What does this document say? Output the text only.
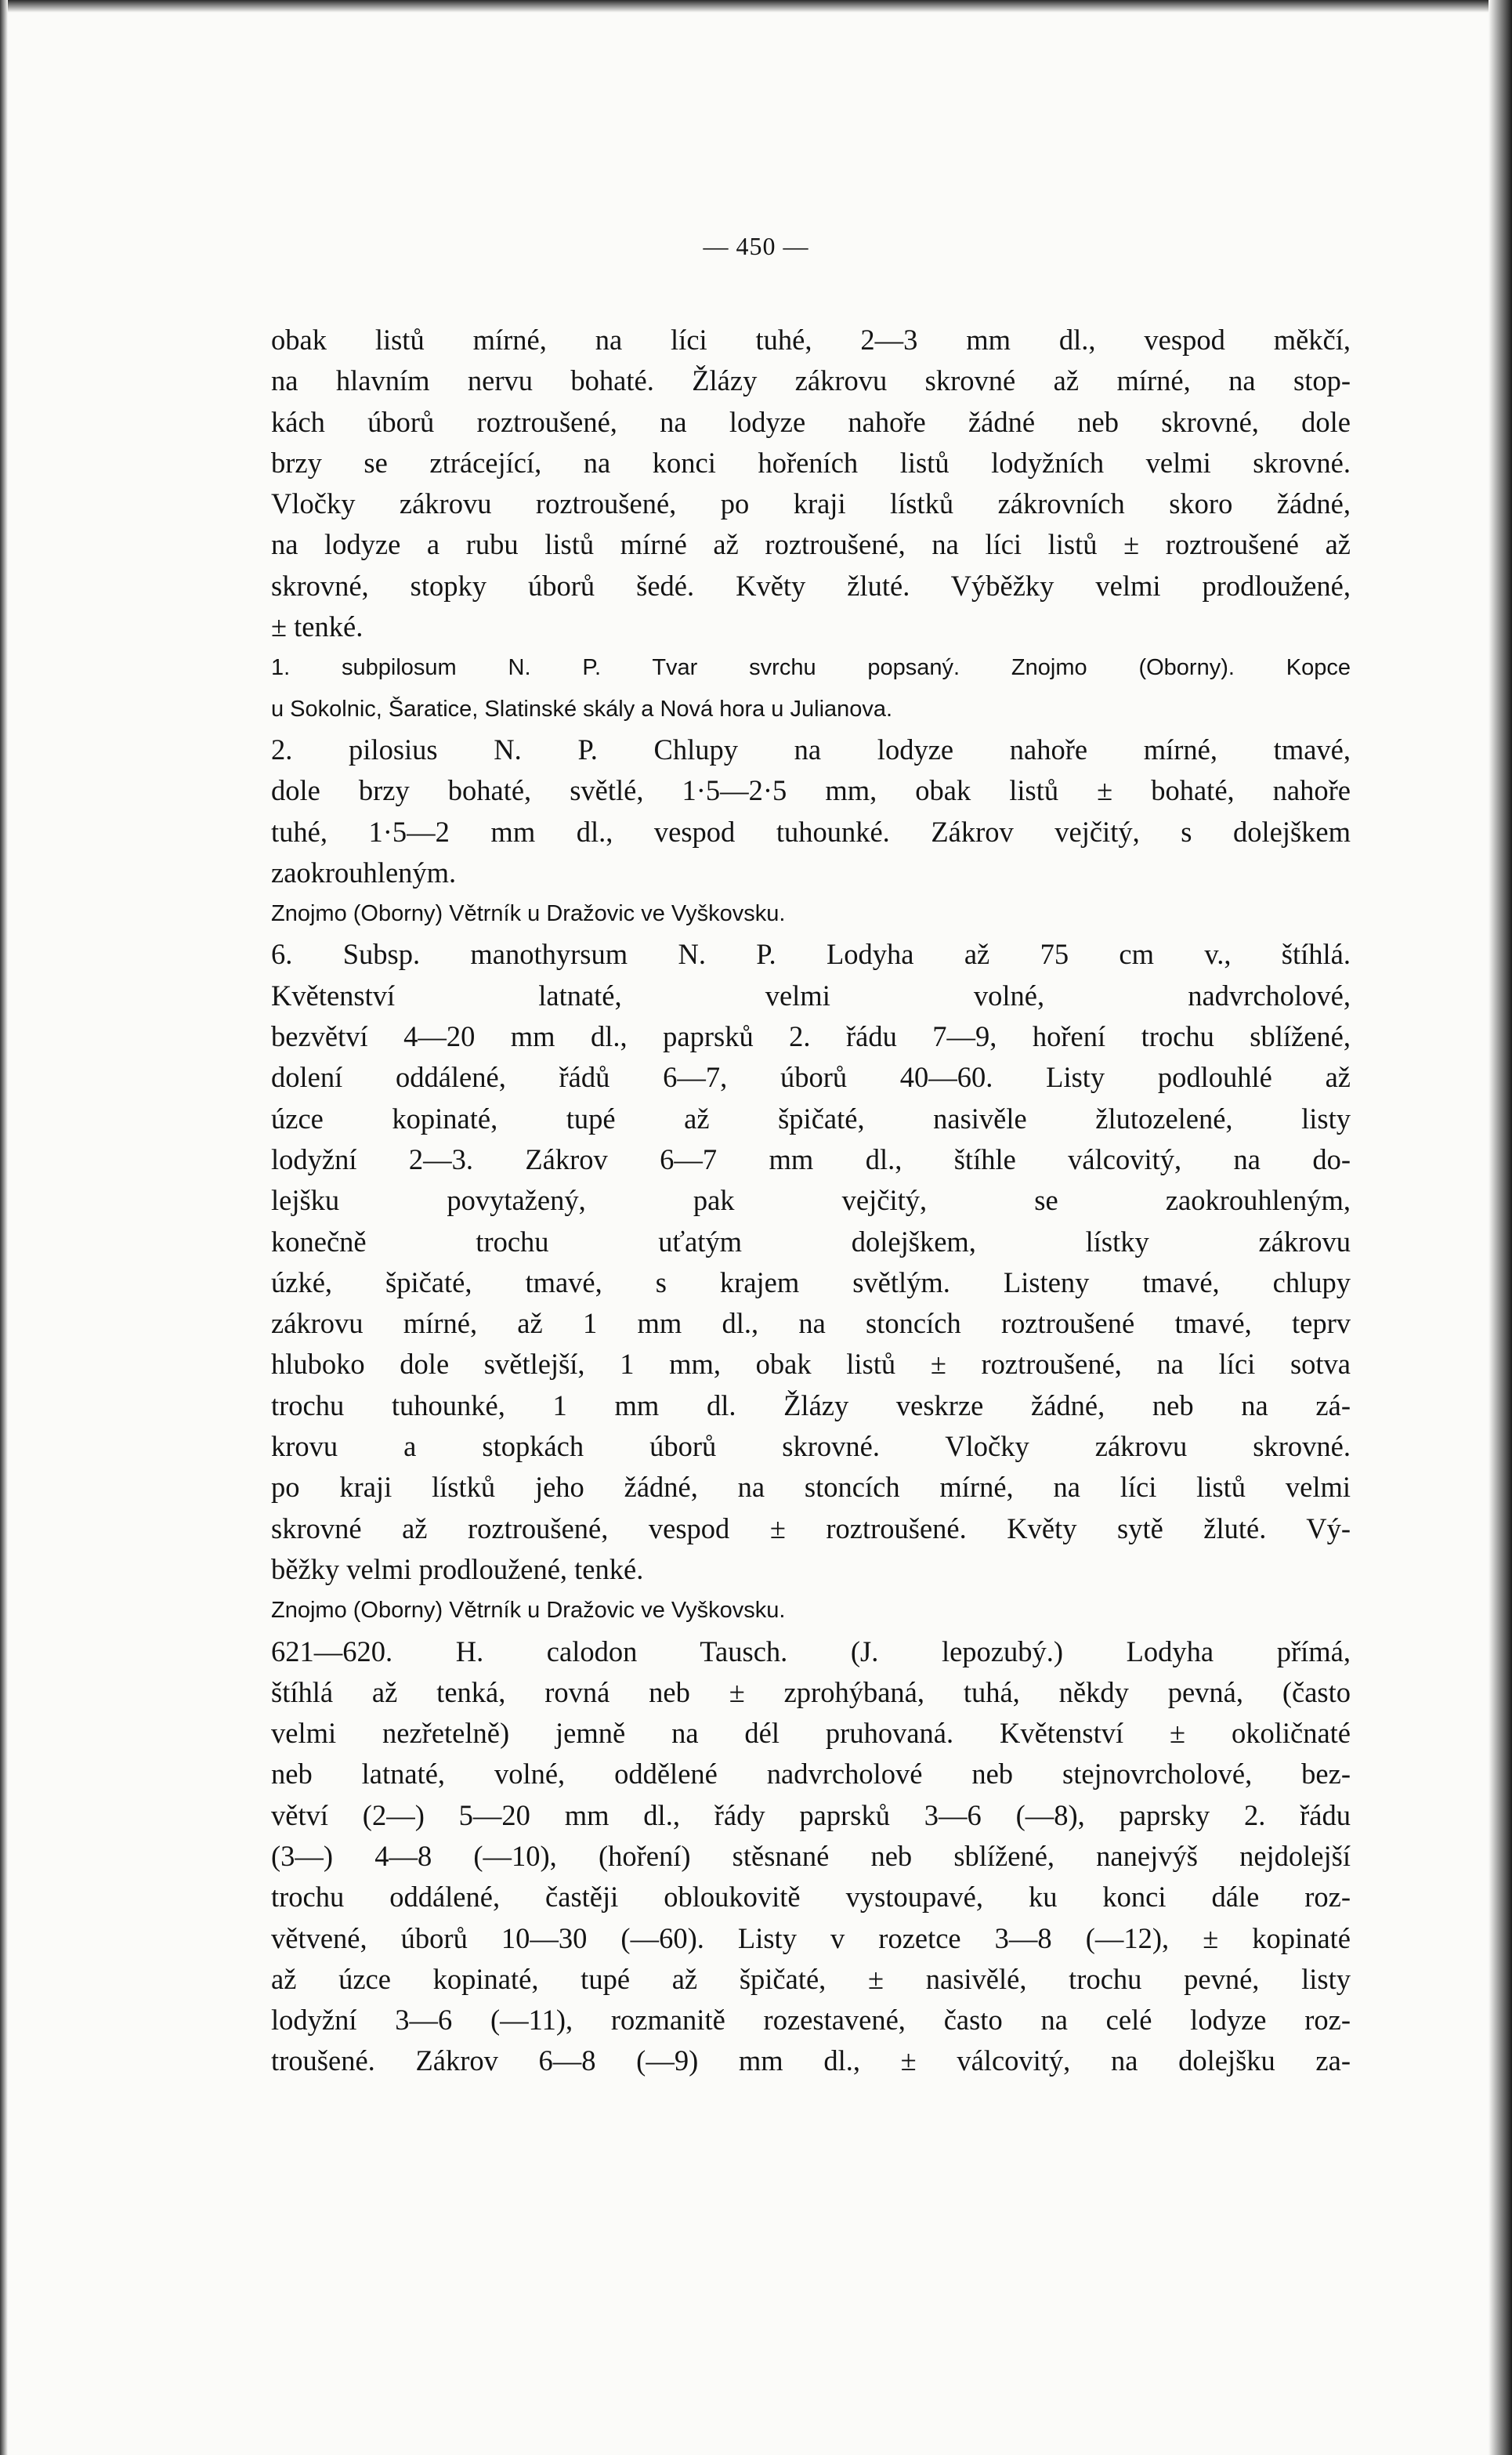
— 450 —
obak listů mírné, na líci tuhé, 2—3 mm dl., vespod měkčí,
na hlavním nervu bohaté. Žlázy zákrovu skrovné až mírné, na stop-
kách úborů roztroušené, na lodyze nahoře žádné neb skrovné, dole
brzy se ztrácející, na konci hořeních listů lodyžních velmi skrovné.
Vločky zákrovu roztroušené, po kraji lístků zákrovních skoro žádné,
na lodyze a rubu listů mírné až roztroušené, na líci listů ± roztroušené až
skrovné, stopky úborů šedé. Květy žluté. Výběžky velmi prodloužené,
± tenké.
1. subpilosum N. P. Tvar svrchu popsaný. Znojmo (Oborny). Kopce
u Sokolnic, Šaratice, Slatinské skály a Nová hora u Julianova.
2. pilosius N. P. Chlupy na lodyze nahoře mírné, tmavé,
dole brzy bohaté, světlé, 1·5—2·5 mm, obak listů ± bohaté, nahoře
tuhé, 1·5—2 mm dl., vespod tuhounké. Zákrov vejčitý, s dolejškem
zaokrouhleným.
Znojmo (Oborny) Větrník u Dražovic ve Vyškovsku.
6. Subsp. manothyrsum N. P. Lodyha až 75 cm v., štíhlá.
Květenství latnaté, velmi volné, nadvrcholové,
bezvětví 4—20 mm dl., paprsků 2. řádu 7—9, hoření trochu sblížené,
dolení oddálené, řádů 6—7, úborů 40—60. Listy podlouhlé až
úzce kopinaté, tupé až špičaté, nasivěle žlutozelené, listy
lodyžní 2—3. Zákrov 6—7 mm dl., štíhle válcovitý, na do-
lejšku povytažený, pak vejčitý, se zaokrouhleným,
konečně trochu uťatým dolejškem, lístky zákrovu
úzké, špičaté, tmavé, s krajem světlým. Listeny tmavé, chlupy
zákrovu mírné, až 1 mm dl., na stoncích roztroušené tmavé, teprv
hluboko dole světlejší, 1 mm, obak listů ± roztroušené, na líci sotva
trochu tuhounké, 1 mm dl. Žlázy veskrze žádné, neb na zá-
krovu a stopkách úborů skrovné. Vločky zákrovu skrovné.
po kraji lístků jeho žádné, na stoncích mírné, na líci listů velmi
skrovné až roztroušené, vespod ± roztroušené. Květy sytě žluté. Vý-
běžky velmi prodloužené, tenké.
Znojmo (Oborny) Větrník u Dražovic ve Vyškovsku.
621—620. H. calodon Tausch. (J. lepozubý.) Lodyha přímá,
štíhlá až tenká, rovná neb ± zprohýbaná, tuhá, někdy pevná, (často
velmi nezřetelně) jemně na dél pruhovaná. Květenství ± okoličnaté
neb latnaté, volné, oddělené nadvrcholové neb stejnovrcholové, bez-
větví (2—) 5—20 mm dl., řády paprsků 3—6 (—8), paprsky 2. řádu
(3—) 4—8 (—10), (hoření) stěsnané neb sblížené, nanejvýš nejdolejší
trochu oddálené, častěji obloukovitě vystoupavé, ku konci dále roz-
větvené, úborů 10—30 (—60). Listy v rozetce 3—8 (—12), ± kopinaté
až úzce kopinaté, tupé až špičaté, ± nasivělé, trochu pevné, listy
lodyžní 3—6 (—11), rozmanitě rozestavené, často na celé lodyze roz-
troušené. Zákrov 6—8 (—9) mm dl., ± válcovitý, na dolejšku za-
